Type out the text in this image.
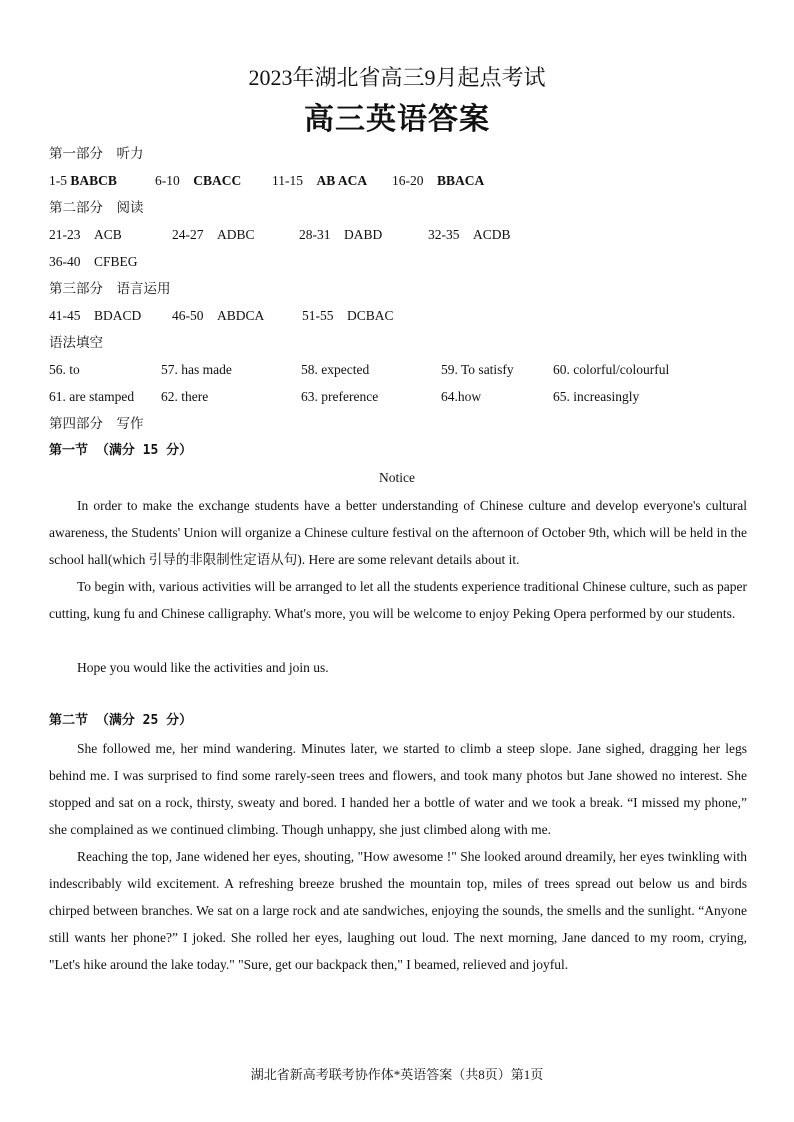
2023年湖北省高三9月起点考试
高三英语答案
第一部分　听力
1-5 BABCB	6-10 CBACC 11-15 AB ACA 16-20 BBACA
第二部分　阅读
21-23　ACB	24-27　ADBC	28-31　DABD	32-35　ACDB
36-40　CFBEG
第三部分　语言运用
41-45　BDACD 46-50　ABDCA	51-55　DCBAC
语法填空
56. to	57. has made	58. expected	59. To satisfy	60. colorful/colourful
61. are stamped 62. there	63. preference	64.how	65. increasingly
第四部分　写作
第一节 （满分 15 分）
Notice

In order to make the exchange students have a better understanding of Chinese culture and develop everyone's cultural awareness, the Students' Union will organize a Chinese culture festival on the afternoon of October 9th, which will be held in the school hall(which 引导的非限制性定语从句). Here are some relevant details about it.

To begin with, various activities will be arranged to let all the students experience traditional Chinese culture, such as paper cutting, kung fu and Chinese calligraphy. What's more, you will be welcome to enjoy Peking Opera performed by our students.

Hope you would like the activities and join us.

第二节 （满分 25 分）

She followed me, her mind wandering. Minutes later, we started to climb a steep slope. Jane sighed, dragging her legs behind me. I was surprised to find some rarely-seen trees and flowers, and took many photos but Jane showed no interest. She stopped and sat on a rock, thirsty, sweaty and bored. I handed her a bottle of water and we took a break. “I missed my phone,” she complained as we continued climbing. Though unhappy, she just climbed along with me.

Reaching the top, Jane widened her eyes, shouting, "How awesome !" She looked around dreamily, her eyes twinkling with indescribably wild excitement. A refreshing breeze brushed the mountain top, miles of trees spread out below us and birds chirped between branches. We sat on a large rock and ate sandwiches, enjoying the sounds, the smells and the sunlight. “Anyone still wants her phone?” I joked. She rolled her eyes, laughing out loud. The next morning, Jane danced to my room, crying, "Let's hike around the lake today." "Sure, get our backpack then," I beamed, relieved and joyful.

湖北省新高考联考协作体*英语答案（共8页）第1页
